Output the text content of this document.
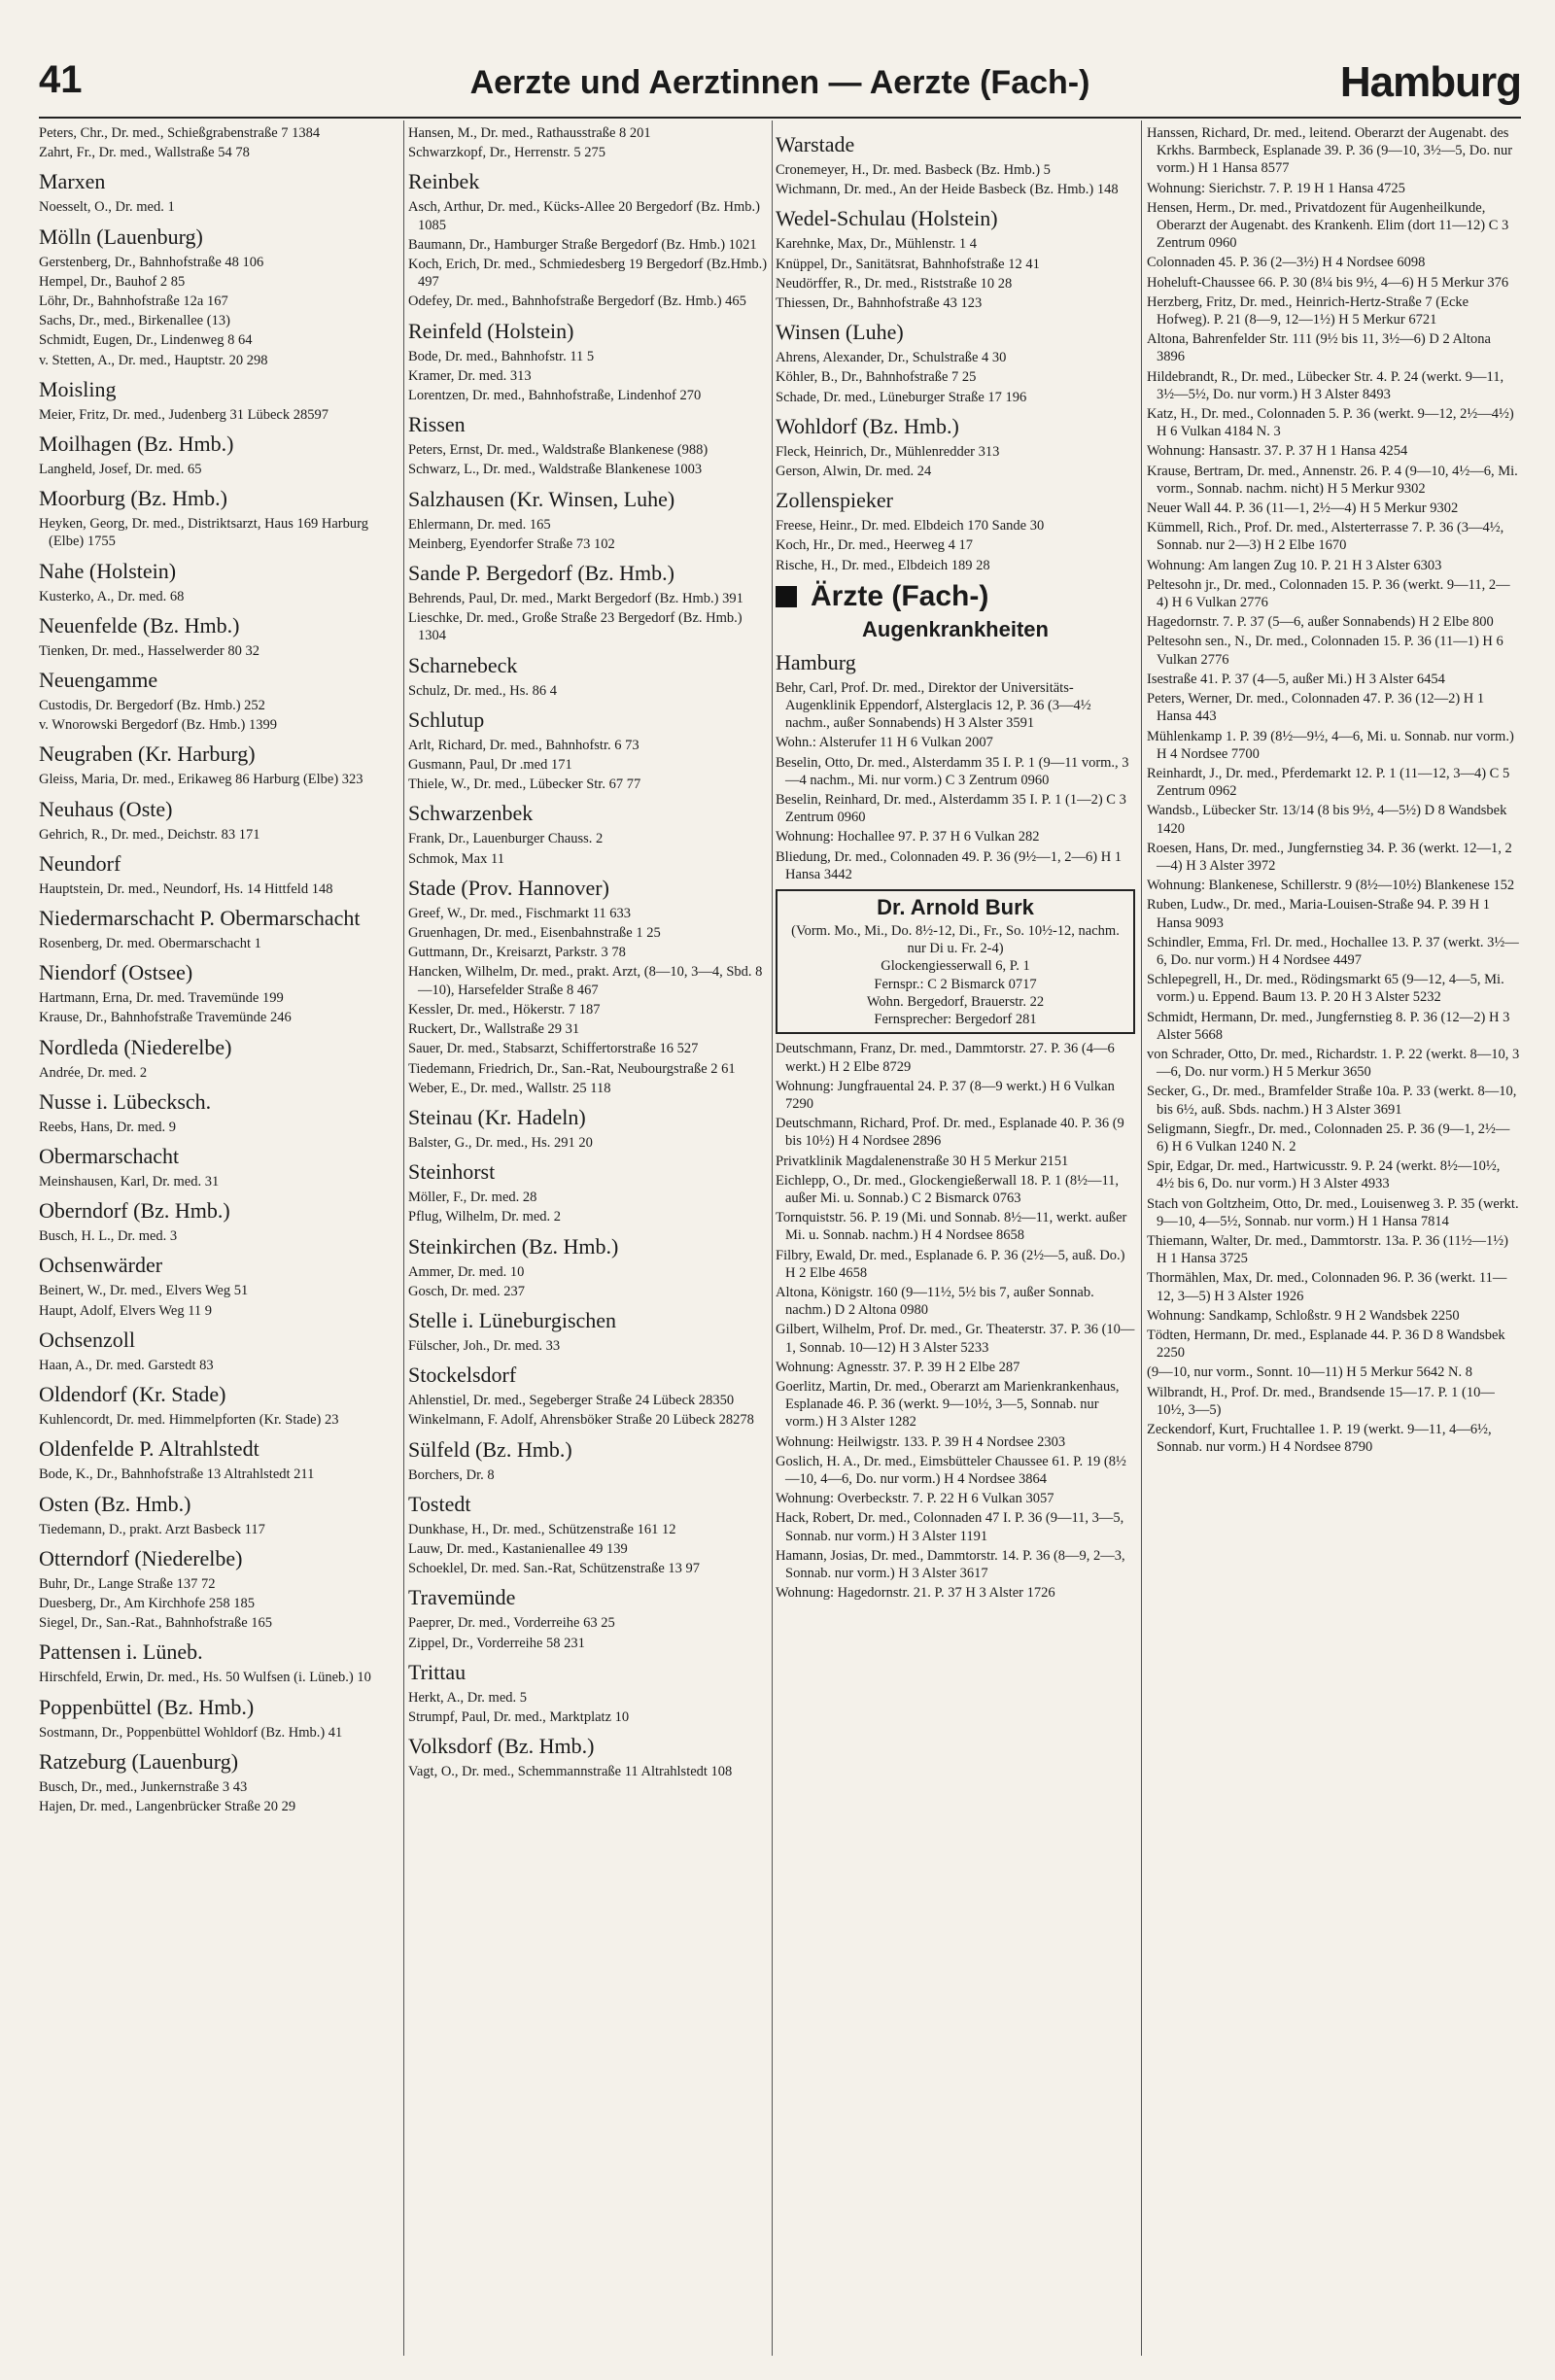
41	Aerzte und Aerztinnen — Aerzte (Fach-)	Hamburg
Peters, Chr., Dr. med., Schießgrabenstraße 7 1384
Zahrt, Fr., Dr. med., Wallstraße 54 78
Marxen
Noesselt, O., Dr. med. 1
Mölln (Lauenburg)
Gerstenberg, Dr., Bahnhofstraße 48 106
Hempel, Dr., Bauhof 2 85
Löhr, Dr., Bahnhofstraße 12a 167
Sachs, Dr., med., Birkenallee (13)
Schmidt, Eugen, Dr., Lindenweg 8 64
v. Stetten, A., Dr. med., Hauptstr. 20 298
Moisling
Meier, Fritz, Dr. med., Judenberg 31 Lübeck 28597
Moilhagen (Bz. Hmb.)
Langheld, Josef, Dr. med. 65
Moorburg (Bz. Hmb.)
Heyken, Georg, Dr. med., Distriktsarzt, Haus 169 Harburg (Elbe) 1755
Nahe (Holstein)
Kusterko, A., Dr. med. 68
Neuenfelde (Bz. Hmb.)
Tienken, Dr. med., Hasselwerder 80 32
Neuengamme
Custodis, Dr. Bergedorf (Bz. Hmb.) 252
v. Wnorowski Bergedorf (Bz. Hmb.) 1399
Neugraben (Kr. Harburg)
Gleiss, Maria, Dr. med., Erikaweg 86 Harburg (Elbe) 323
Neuhaus (Oste)
Gehrich, R., Dr. med., Deichstr. 83 171
Neundorf
Hauptstein, Dr. med., Neundorf, Hs. 14 Hittfeld 148
Niedermarschacht P. Obermarschacht
Rosenberg, Dr. med. Obermarschacht 1
Niendorf (Ostsee)
Hartmann, Erna, Dr. med. Travemünde 199
Krause, Dr., Bahnhofstraße Travemünde 246
Nordleda (Niederelbe)
Andrée, Dr. med. 2
Nusse i. Lübecksch.
Reebs, Hans, Dr. med. 9
Obermarschacht
Meinshausen, Karl, Dr. med. 31
Oberndorf (Bz. Hmb.)
Busch, H. L., Dr. med. 3
Ochsenwärder
Beinert, W., Dr. med., Elvers Weg 51
Haupt, Adolf, Elvers Weg 11 9
Ochsenzoll
Haan, A., Dr. med. Garstedt 83
Oldendorf (Kr. Stade)
Kuhlencordt, Dr. med. Himmelpforten (Kr. Stade) 23
Oldenfelde P. Altrahlstedt
Bode, K., Dr., Bahnhofstraße 13 Altrahlstedt 211
Osten (Bz. Hmb.)
Tiedemann, D., prakt. Arzt Basbeck 117
Otterndorf (Niederelbe)
Buhr, Dr., Lange Straße 137 72
Duesberg, Dr., Am Kirchhofe 258 185
Siegel, Dr., San.-Rat., Bahnhofstraße 165
Pattensen i. Lüneb.
Hirschfeld, Erwin, Dr. med., Hs. 50 Wulfsen (i. Lüneb.) 10
Poppenbüttel (Bz. Hmb.)
Sostmann, Dr., Poppenbüttel Wohldorf (Bz. Hmb.) 41
Ratzeburg (Lauenburg)
Busch, Dr., med., Junkernstraße 3 43
Hajen, Dr. med., Langenbrücker Straße 20 29
Hansen, M., Dr. med., Rathausstraße 8 201
Schwarzkopf, Dr., Herrenstr. 5 275
Reinbek
Asch, Arthur, Dr. med., Kücks-Allee 20 Bergedorf (Bz. Hmb.) 1085
Baumann, Dr., Hamburger Straße Bergedorf (Bz. Hmb.) 1021
Koch, Erich, Dr. med., Schmiedesberg 19 Bergedorf (Bz.Hmb.) 497
Odefey, Dr. med., Bahnhofstraße Bergedorf (Bz. Hmb.) 465
Reinfeld (Holstein)
Bode, Dr. med., Bahnhofstr. 11 5
Kramer, Dr. med. 313
Lorentzen, Dr. med., Bahnhofstraße, Lindenhof 270
Rissen
Peters, Ernst, Dr. med., Waldstraße Blankenese (988)
Schwarz, L., Dr. med., Waldstraße Blankenese 1003
Salzhausen (Kr. Winsen, Luhe)
Ehlermann, Dr. med. 165
Meinberg, Eyendorfer Straße 73 102
Sande P. Bergedorf (Bz. Hmb.)
Behrends, Paul, Dr. med., Markt Bergedorf (Bz. Hmb.) 391
Lieschke, Dr. med., Große Straße 23 Bergedorf (Bz. Hmb.) 1304
Scharnebeck
Schulz, Dr. med., Hs. 86 4
Schlutup
Arlt, Richard, Dr. med., Bahnhofstr. 6 73
Gusmann, Paul, Dr .med 171
Thiele, W., Dr. med., Lübecker Str. 67 77
Schwarzenbek
Frank, Dr., Lauenburger Chauss. 2
Schmok, Max 11
Stade (Prov. Hannover)
Greef, W., Dr. med., Fischmarkt 11 633
Gruenhagen, Dr. med., Eisenbahnstraße 1 25
Guttmann, Dr., Kreisarzt, Parkstr. 3 78
Hancken, Wilhelm, Dr. med., prakt. Arzt, (8—10, 3—4, Sbd. 8—10), Harsefelder Straße 8 467
Kessler, Dr. med., Hökerstr. 7 187
Ruckert, Dr., Wallstraße 29 31
Sauer, Dr. med., Stabsarzt, Schiffertorstraße 16 527
Tiedemann, Friedrich, Dr., San.-Rat, Neubourgstraße 2 61
Weber, E., Dr. med., Wallstr. 25 118
Steinau (Kr. Hadeln)
Balster, G., Dr. med., Hs. 291 20
Steinhorst
Möller, F., Dr. med. 28
Pflug, Wilhelm, Dr. med. 2
Steinkirchen (Bz. Hmb.)
Ammer, Dr. med. 10
Gosch, Dr. med. 237
Stelle i. Lüneburgischen
Fülscher, Joh., Dr. med. 33
Stockelsdorf
Ahlenstiel, Dr. med., Segeberger Straße 24 Lübeck 28350
Winkelmann, F. Adolf, Ahrensböker Straße 20 Lübeck 28278
Sülfeld (Bz. Hmb.)
Borchers, Dr. 8
Tostedt
Dunkhase, H., Dr. med., Schützenstraße 161 12
Lauw, Dr. med., Kastanienallee 49 139
Schoeklel, Dr. med. San.-Rat, Schützenstraße 13 97
Travemünde
Paeprer, Dr. med., Vorderreihe 63 25
Zippel, Dr., Vorderreihe 58 231
Trittau
Herkt, A., Dr. med. 5
Strumpf, Paul, Dr. med., Marktplatz 10
Volksdorf (Bz. Hmb.)
Vagt, O., Dr. med., Schemmannstraße 11 Altrahlstedt 108
Warstade
Cronemeyer, H., Dr. med. Basbeck (Bz. Hmb.) 5
Wichmann, Dr. med., An der Heide Basbeck (Bz. Hmb.) 148
Wedel-Schulau (Holstein)
Karehnke, Max, Dr., Mühlenstr. 1 4
Knüppel, Dr., Sanitätsrat, Bahnhofstraße 12 41
Neudörffer, R., Dr. med., Riststraße 10 28
Thiessen, Dr., Bahnhofstraße 43 123
Winsen (Luhe)
Ahrens, Alexander, Dr., Schulstraße 4 30
Köhler, B., Dr., Bahnhofstraße 7 25
Schade, Dr. med., Lüneburger Straße 17 196
Wohldorf (Bz. Hmb.)
Fleck, Heinrich, Dr., Mühlenredder 313
Gerson, Alwin, Dr. med. 24
Zollenspieker
Freese, Heinr., Dr. med. Elbdeich 170 Sande 30
Koch, Hr., Dr. med., Heerweg 4 17
Rische, H., Dr. med., Elbdeich 189 28
Ärzte (Fach-)
Augenkrankheiten
Hamburg
Behr, Carl, Prof. Dr. med., Direktor der Universitäts-Augenklinik Eppendorf, Alsterglacis 12, P. 36 (3—4½ nachm., außer Sonnabends) H 3 Alster 3591
Wohn.: Alsterufer 11 H 6 Vulkan 2007
Beselin, Otto, Dr. med., Alsterdamm 35 I. P. 1 (9—11 vorm., 3—4 nachm., Mi. nur vorm.) C 3 Zentrum 0960
Beselin, Reinhard, Dr. med., Alsterdamm 35 I. P. 1 (1—2) C 3 Zentrum 0960
Wohnung: Hochallee 97. P. 37 H 6 Vulkan 282
Bliedung, Dr. med., Colonnaden 49. P. 36 (9½—1, 2—6) H 1 Hansa 3442
Dr. Arnold Burk
(Vorm. Mo., Mi., Do. 8½-12, Di., Fr., So. 10½-12, nachm. nur Di u. Fr. 2-4)
Glockengiesserwall 6, P. 1
Fernspr.: C 2 Bismarck 0717
Wohn. Bergedorf, Brauerstr. 22
Fernsprecher: Bergedorf 281
Deutschmann, Franz, Dr. med., Dammtorstr. 27. P. 36 (4—6 werkt.) H 2 Elbe 8729
Wohnung: Jungfrauental 24. P. 37 (8—9 werkt.) H 6 Vulkan 7290
Deutschmann, Richard, Prof. Dr. med., Esplanade 40. P. 36 (9 bis 10½) H 4 Nordsee 2896
Privatklinik Magdalenenstraße 30 H 5 Merkur 2151
Eichlepp, O., Dr. med., Glockengießerwall 18. P. 1 (8½—11, außer Mi. u. Sonnab.) C 2 Bismarck 0763
Tornquiststr. 56. P. 19 (Mi. und Sonnab. 8½—11, werkt. außer Mi. u. Sonnab. nachm.) H 4 Nordsee 8658
Filbry, Ewald, Dr. med., Esplanade 6. P. 36 (2½—5, auß. Do.) H 2 Elbe 4658
Altona, Königstr. 160 (9—11½, 5½ bis 7, außer Sonnab. nachm.) D 2 Altona 0980
Gilbert, Wilhelm, Prof. Dr. med., Gr. Theaterstr. 37. P. 36 (10—1, Sonnab. 10—12) H 3 Alster 5233
Wohnung: Agnesstr. 37. P. 39 H 2 Elbe 287
Goerlitz, Martin, Dr. med., Oberarzt am Marienkrankenhaus, Esplanade 46. P. 36 (werkt. 9—10½, 3—5, Sonnab. nur vorm.) H 3 Alster 1282
Wohnung: Heilwigstr. 133. P. 39 H 4 Nordsee 2303
Goslich, H. A., Dr. med., Eimsbütteler Chaussee 61. P. 19 (8½—10, 4—6, Do. nur vorm.) H 4 Nordsee 3864
Wohnung: Overbeckstr. 7. P. 22 H 6 Vulkan 3057
Hack, Robert, Dr. med., Colonnaden 47 I. P. 36 (9—11, 3—5, Sonnab. nur vorm.) H 3 Alster 1191
Hamann, Josias, Dr. med., Dammtorstr. 14. P. 36 (8—9, 2—3, Sonnab. nur vorm.) H 3 Alster 3617
Wohnung: Hagedornstr. 21. P. 37 H 3 Alster 1726
Hanssen, Richard, Dr. med., leitend. Oberarzt der Augenabt. des Krkhs. Barmbeck, Esplanade 39. P. 36 (9—10, 3½—5, Do. nur vorm.) H 1 Hansa 8577
Wohnung: Sierichstr. 7. P. 19 H 1 Hansa 4725
Hensen, Herm., Dr. med., Privatdozent für Augenheilkunde, Oberarzt der Augenabt. des Krankenh. Elim (dort 11—12) C 3 Zentrum 0960
Colonnaden 45. P. 36 (2—3½) H 4 Nordsee 6098
Hoheluft-Chaussee 66. P. 30 (8¼ bis 9½, 4—6) H 5 Merkur 376
Herzberg, Fritz, Dr. med., Heinrich-Hertz-Straße 7 (Ecke Hofweg). P. 21 (8—9, 12—1½) H 5 Merkur 6721
Altona, Bahrenfelder Str. 111 (9½ bis 11, 3½—6) D 2 Altona 3896
Hildebrandt, R., Dr. med., Lübecker Str. 4. P. 24 (werkt. 9—11, 3½—5½, Do. nur vorm.) H 3 Alster 8493
Katz, H., Dr. med., Colonnaden 5. P. 36 (werkt. 9—12, 2½—4½) H 6 Vulkan 4184 N. 3
Wohnung: Hansastr. 37. P. 37 H 1 Hansa 4254
Krause, Bertram, Dr. med., Annenstr. 26. P. 4 (9—10, 4½—6, Mi. vorm., Sonnab. nachm. nicht) H 5 Merkur 9302
Neuer Wall 44. P. 36 (11—1, 2½—4) H 5 Merkur 9302
Kümmell, Rich., Prof. Dr. med., Alsterterrasse 7. P. 36 (3—4½, Sonnab. nur 2—3) H 2 Elbe 1670
Wohnung: Am langen Zug 10. P. 21 H 3 Alster 6303
Peltesohn jr., Dr. med., Colonnaden 15. P. 36 (werkt. 9—11, 2—4) H 6 Vulkan 2776
Hagedornstr. 7. P. 37 (5—6, außer Sonnabends) H 2 Elbe 800
Peltesohn sen., N., Dr. med., Colonnaden 15. P. 36 (11—1) H 6 Vulkan 2776
Isestraße 41. P. 37 (4—5, außer Mi.) H 3 Alster 6454
Peters, Werner, Dr. med., Colonnaden 47. P. 36 (12—2) H 1 Hansa 443
Mühlenkamp 1. P. 39 (8½—9½, 4—6, Mi. u. Sonnab. nur vorm.) H 4 Nordsee 7700
Reinhardt, J., Dr. med., Pferdemarkt 12. P. 1 (11—12, 3—4) C 5 Zentrum 0962
Wandsb., Lübecker Str. 13/14 (8 bis 9½, 4—5½) D 8 Wandsbek 1420
Roesen, Hans, Dr. med., Jungfernstieg 34. P. 36 (werkt. 12—1, 2—4) H 3 Alster 3972
Wohnung: Blankenese, Schillerstr. 9 (8½—10½) Blankenese 152
Ruben, Ludw., Dr. med., Maria-Louisen-Straße 94. P. 39 H 1 Hansa 9093
Schindler, Emma, Frl. Dr. med., Hochallee 13. P. 37 (werkt. 3½—6, Do. nur vorm.) H 4 Nordsee 4497
Schlepegrell, H., Dr. med., Rödingsmarkt 65 (9—12, 4—5, Mi. vorm.) u. Eppend. Baum 13. P. 20 H 3 Alster 5232
Schmidt, Hermann, Dr. med., Jungfernstieg 8. P. 36 (12—2) H 3 Alster 5668
von Schrader, Otto, Dr. med., Richardstr. 1. P. 22 (werkt. 8—10, 3—6, Do. nur vorm.) H 5 Merkur 3650
Secker, G., Dr. med., Bramfelder Straße 10a. P. 33 (werkt. 8—10, bis 6½, auß. Sbds. nachm.) H 3 Alster 3691
Seligmann, Siegfr., Dr. med., Colonnaden 25. P. 36 (9—1, 2½—6) H 6 Vulkan 1240 N. 2
Spir, Edgar, Dr. med., Hartwicusstr. 9. P. 24 (werkt. 8½—10½, 4½ bis 6, Do. nur vorm.) H 3 Alster 4933
Stach von Goltzheim, Otto, Dr. med., Louisenweg 3. P. 35 (werkt. 9—10, 4—5½, Sonnab. nur vorm.) H 1 Hansa 7814
Thiemann, Walter, Dr. med., Dammtorstr. 13a. P. 36 (11½—1½) H 1 Hansa 3725
Thormählen, Max, Dr. med., Colonnaden 96. P. 36 (werkt. 11—12, 3—5) H 3 Alster 1926
Wohnung: Sandkamp, Schloßstr. 9 H 2 Wandsbek 2250
Tödten, Hermann, Dr. med., Esplanade 44. P. 36 D 8 Wandsbek 2250
(9—10, nur vorm., Sonnt. 10—11) H 5 Merkur 5642 N. 8
Wilbrandt, H., Prof. Dr. med., Brandsende 15—17. P. 1 (10—10½, 3—5)
Zeckendorf, Kurt, Fruchtallee 1. P. 19 (werkt. 9—11, 4—6½, Sonnab. nur vorm.) H 4 Nordsee 8790
